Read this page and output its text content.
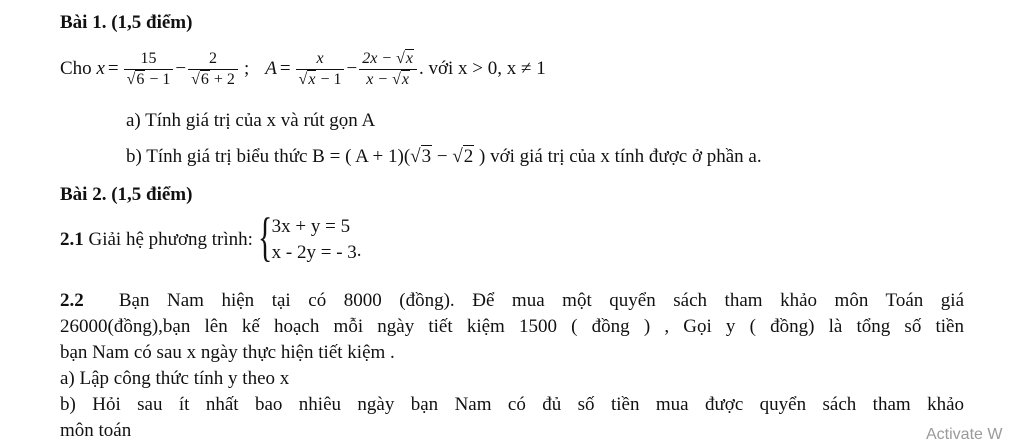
Bài 1. (1,5 điểm)
Cho
$x = \frac{15}{√6 - 1} - \frac{2}{√6 + 2}$ ; $A = \frac{x}{√x - 1} - \frac{2x - √x}{x - √x}$ . với x > 0, x ≠ 1
a) Tính giá trị của x và rút gọn A
b) Tính giá trị biểu thức B = ( A + 1)(√3 − √2 ) với giá trị của x tính được ở phần a.
Bài 2. (1,5 điểm)
2.1
Giải hệ phương trình:
{ 3x + y = 5
x - 2y = - 3 .
2.2 Bạn Nam hiện tại có 8000 (đồng). Để mua một quyển sách tham khảo môn Toán giá
26000(đồng),bạn lên kế hoạch mỗi ngày tiết kiệm 1500 ( đồng ) , Gọi y ( đồng) là tổng số tiền
bạn Nam có sau x ngày thực hiện tiết kiệm .
a) Lập công thức tính y theo x
b) Hỏi sau ít nhất bao nhiêu ngày bạn Nam có đủ số tiền mua được quyển sách tham khảo
môn toán	Activate W
